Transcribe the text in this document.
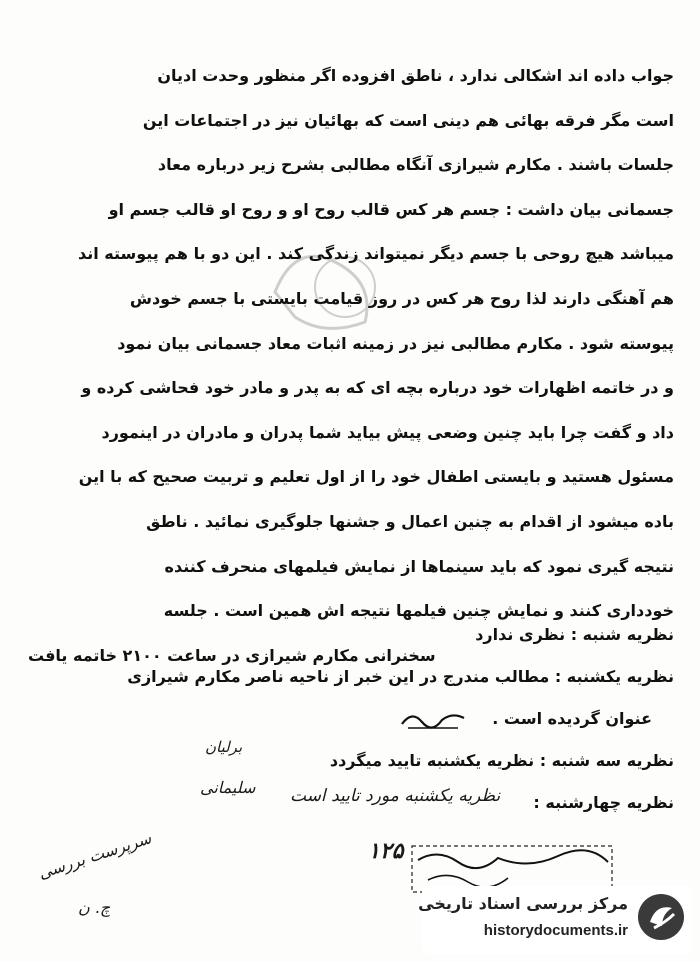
جواب داده اند اشکالی ندارد ، ناطق افزوده اگر منظور وحدت ادیان
است مگر فرقه بهائی هم دینی است که بهائیان نیز در اجتماعات این
جلسات باشند . مکارم شیرازی آنگاه مطالبی بشرح زیر درباره معاد
جسمانی بیان داشت : جسم هر کس قالب روح او و روح او قالب جسم او
میباشد هیچ روحی با جسم دیگر نمیتواند زندگی کند . این دو با هم پیوسته اند
هم آهنگی دارند لذا روح هر کس در روز قیامت بایستی با جسم خودش
پیوسته شود . مکارم مطالبی نیز در زمینه اثبات معاد جسمانی بیان نمود
و در خاتمه اظهارات خود درباره بچه ای که به پدر و مادر خود فحاشی کرده و
داد و گفت چرا باید چنین وضعی پیش بیاید شما پدران و مادران در اینمورد
مسئول هستید و بایستی اطفال خود را از اول تعلیم و تربیت صحیح که با این
باده میشود از اقدام به چنین اعمال و جشنها جلوگیری نمائید . ناطق
نتیجه گیری نمود که باید سینماها از نمایش فیلمهای منحرف کننده
خودداری کنند و نمایش چنین فیلمها نتیجه اش همین است . جلسه
سخنرانی مکارم شیرازی در ساعت ۲۱۰۰ خاتمه یافت
نظریه شنبه : نظری ندارد
نظریه یکشنبه : مطالب مندرج در این خبر از ناحیه ناصر مکارم شیرازی
عنوان گردیده است .
نظریه سه شنبه : نظریه یکشنبه تایید میگردد
نظریه چهارشنبه :
برلیان
نظریه یکشنبه مورد تایید است
سلیمانی
سرپرست بررسی
چ. ن
۱۲۵
مرکز بررسی اسناد تاریخی
historydocuments.ir
